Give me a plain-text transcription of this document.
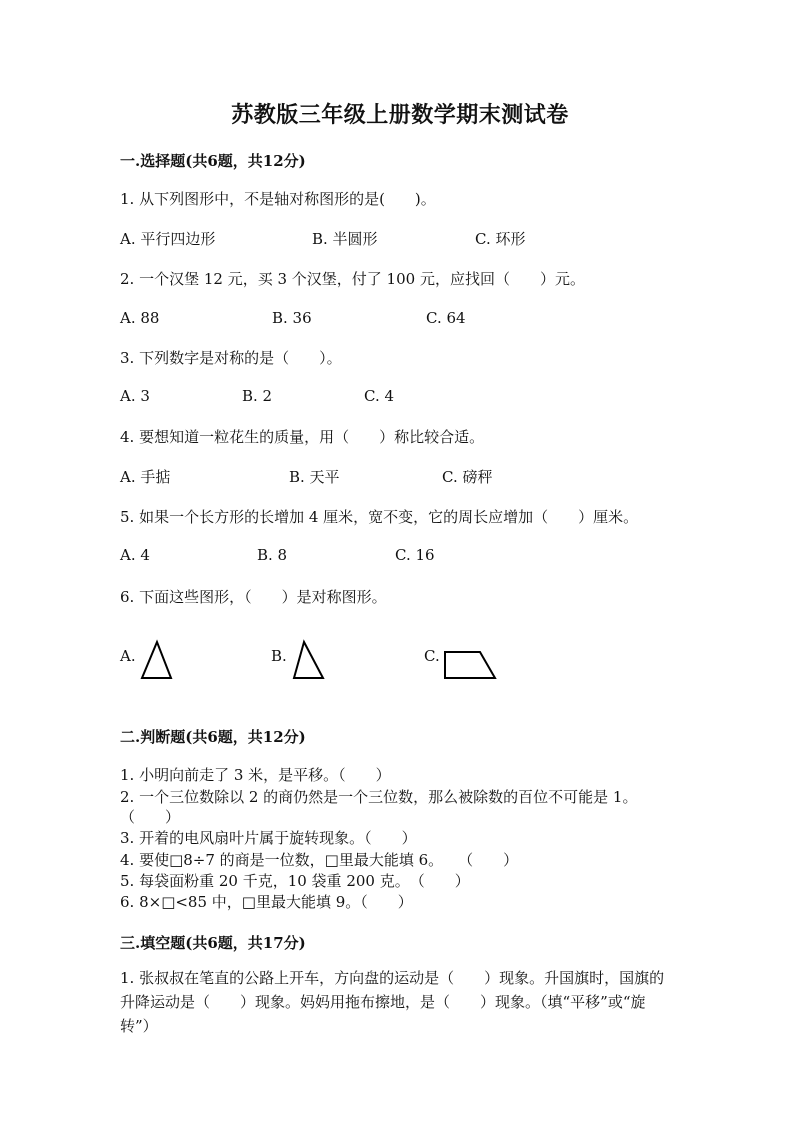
苏教版三年级上册数学期末测试卷
一.选择题(共6题，共12分)
1. 从下列图形中，不是轴对称图形的是(　　)。
A. 平行四边形	B. 半圆形	C. 环形
2. 一个汉堡 12 元，买 3 个汉堡，付了 100 元，应找回（　　）元。
A. 88	B. 36	C. 64
3. 下列数字是对称的是（　　）。
A. 3	B. 2	C. 4
4. 要想知道一粒花生的质量，用（　　）称比较合适。
A. 手掂	B. 天平	C. 磅秤
5. 如果一个长方形的长增加 4 厘米，宽不变，它的周长应增加（　　）厘米。
A. 4	B. 8	C. 16
6. 下面这些图形，（　　）是对称图形。
A.	B.	C.
二.判断题(共6题，共12分)
1. 小明向前走了 3 米，是平移。（　　）
2. 一个三位数除以 2 的商仍然是一个三位数，那么被除数的百位不可能是 1。
（　　）
3. 开着的电风扇叶片属于旋转现象。（　　）
4. 要使□8÷7 的商是一位数，□里最大能填 6。　　（　　）
5. 每袋面粉重 20 千克，10 袋重 200 克。　（　　）
6. 8×□<85 中，□里最大能填 9。（　　）
三.填空题(共6题，共17分)
1. 张叔叔在笔直的公路上开车，方向盘的运动是（　　）现象。升国旗时，国旗的升降运动是（　　）现象。妈妈用拖布擦地，是（　　）现象。（填“平移”或“旋转”）
